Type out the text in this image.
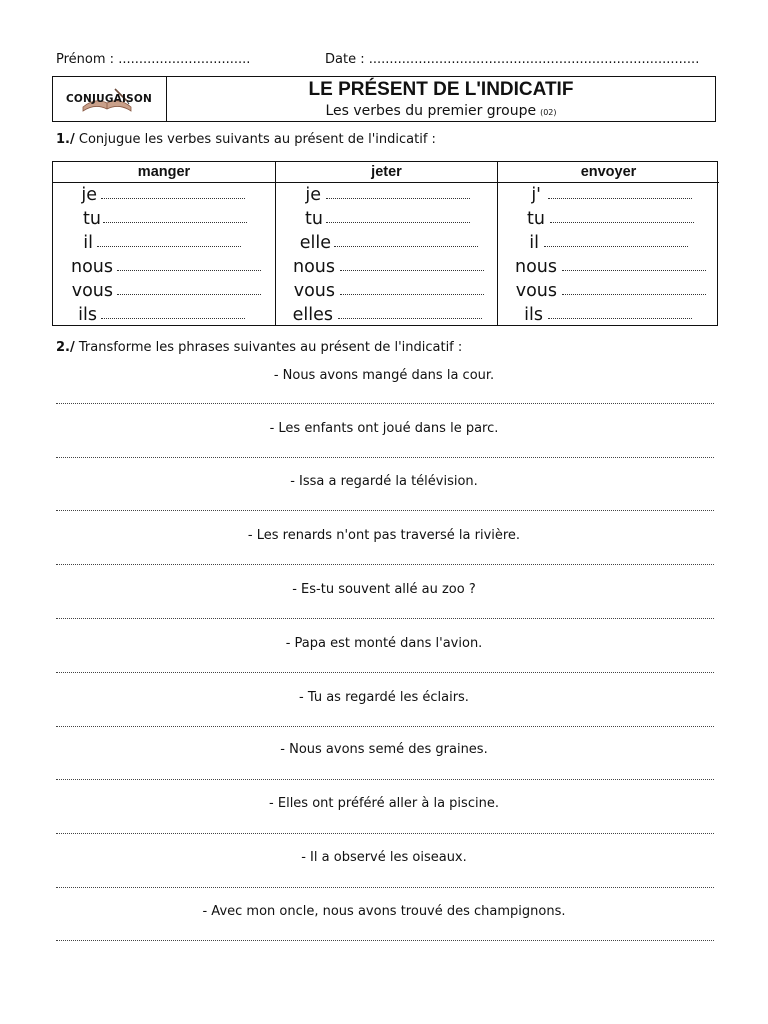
Prénom : ................................	Date : ................................................................................
CONJUGAISON	LE PRÉSENT DE L'INDICATIF
Les verbes du premier groupe (02)
1./ Conjugue les verbes suivants au présent de l'indicatif :
manger
je
tu
il
nous
vous
ils
jeter
je
tu
elle
nous
vous
elles
envoyer
j'
tu
il
nous
vous
ils
2./ Transforme les phrases suivantes au présent de l'indicatif :
- Nous avons mangé dans la cour.
- Les enfants ont joué dans le parc.
- Issa a regardé la télévision.
- Les renards n'ont pas traversé la rivière.
- Es-tu souvent allé au zoo ?
- Papa est monté dans l'avion.
- Tu as regardé les éclairs.
- Nous avons semé des graines.
- Elles ont préféré aller à la piscine.
- Il a observé les oiseaux.
- Avec mon oncle, nous avons trouvé des champignons.
